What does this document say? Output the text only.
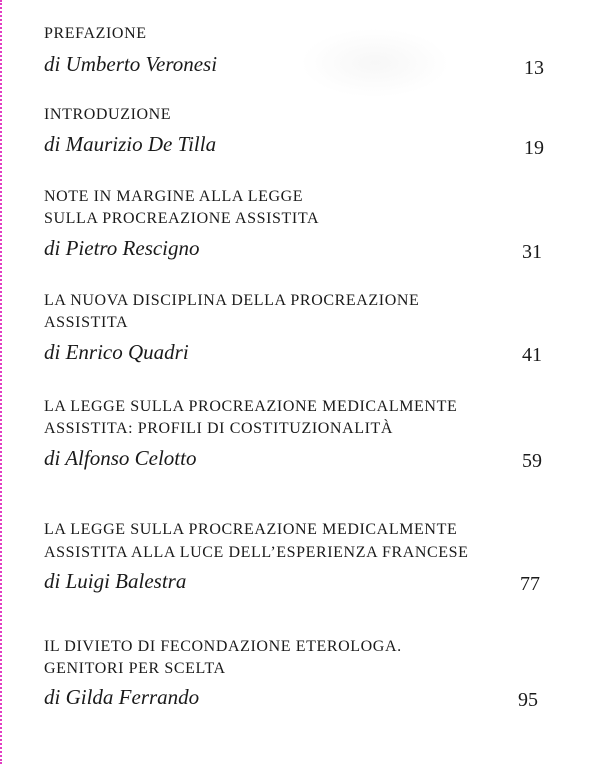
PREFAZIONE
di Umberto Veronesi	13
INTRODUZIONE
di Maurizio De Tilla	19
NOTE IN MARGINE ALLA LEGGE
SULLA PROCREAZIONE ASSISTITA
di Pietro Rescigno	31
LA NUOVA DISCIPLINA DELLA PROCREAZIONE
ASSISTITA
di Enrico Quadri	41
LA LEGGE SULLA PROCREAZIONE MEDICALMENTE
ASSISTITA: PROFILI DI COSTITUZIONALITÀ
di Alfonso Celotto	59
LA LEGGE SULLA PROCREAZIONE MEDICALMENTE
ASSISTITA ALLA LUCE DELL’ESPERIENZA FRANCESE
di Luigi Balestra	77
IL DIVIETO DI FECONDAZIONE ETEROLOGA.
GENITORI PER SCELTA
di Gilda Ferrando	95
